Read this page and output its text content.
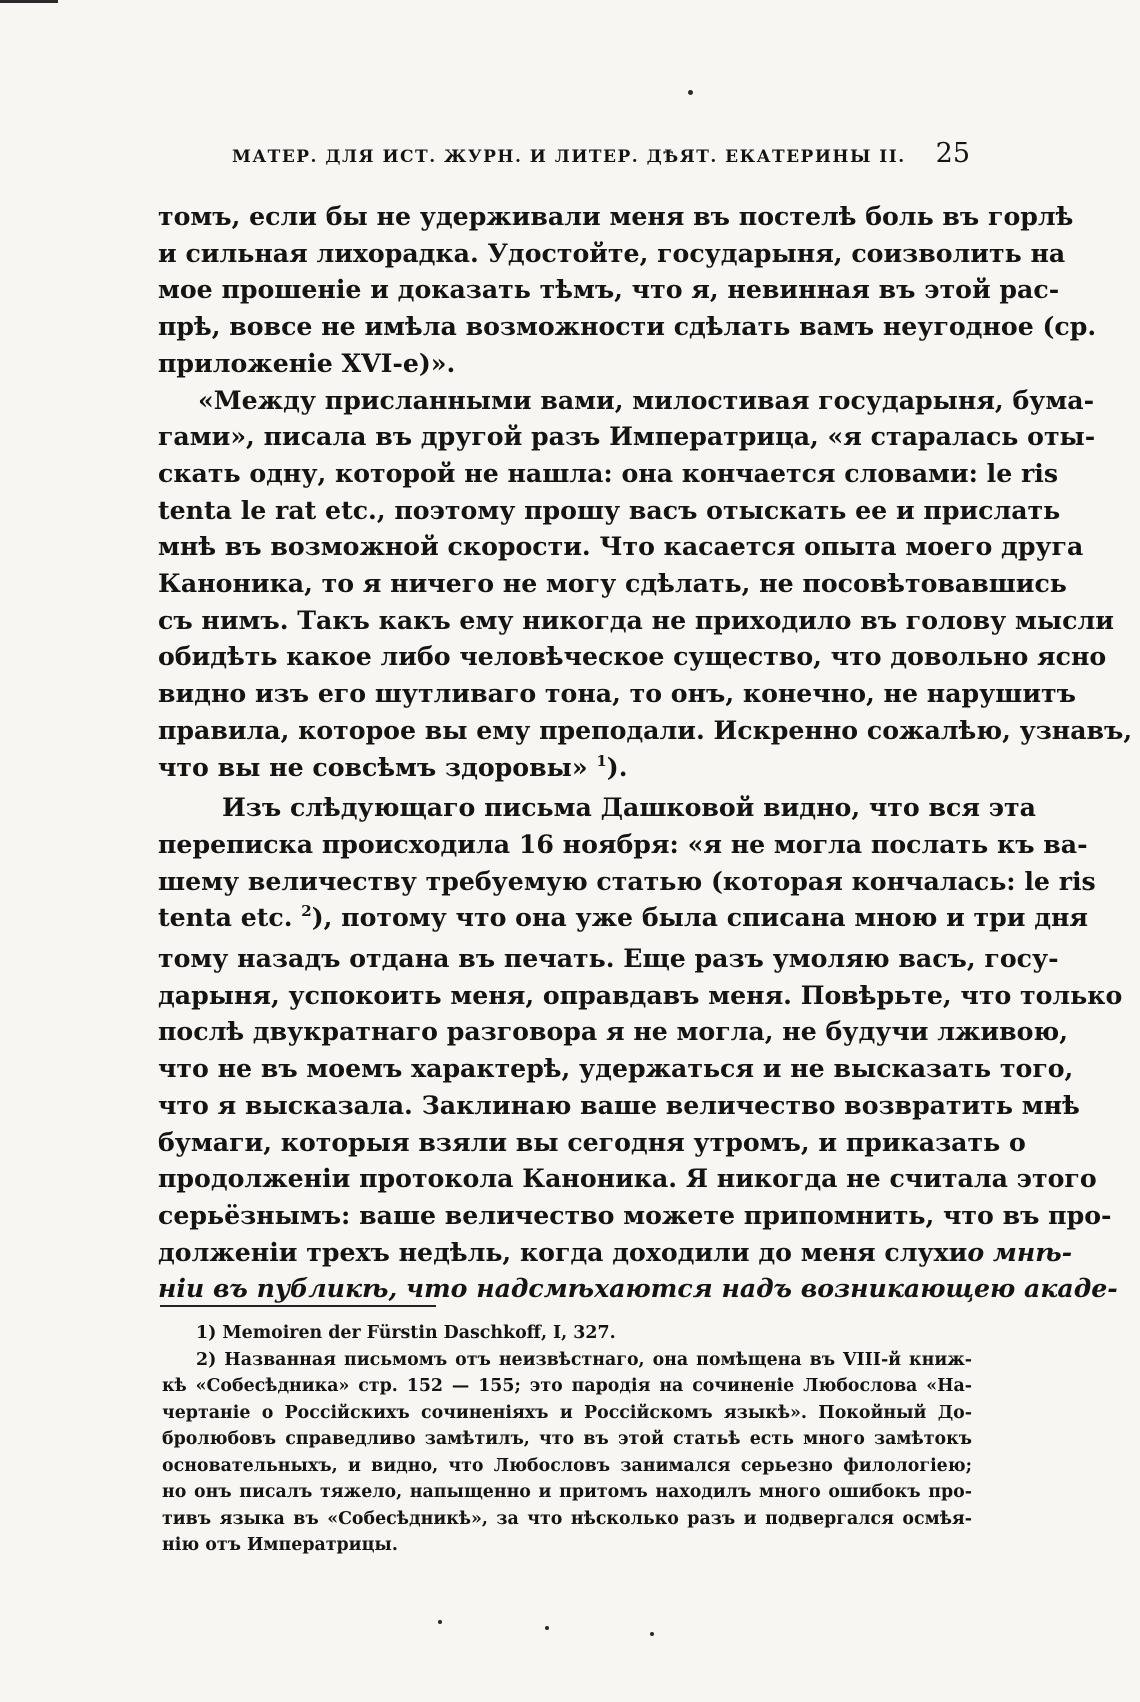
МАТЕР. ДЛЯ ИСТ. ЖУРН. И ЛИТЕР. ДѢЯТ. ЕКАТЕРИНЫ II. 25
томъ, если бы не удерживали меня въ постелѣ боль въ горлѣ
и сильная лихорадка. Удостойте, государыня, соизволить на
мое прошеніе и доказать тѣмъ, что я, невинная въ этой рас-
прѣ, вовсе не имѣла возможности сдѣлать вамъ неугодное (ср.
приложеніе XVI-е)».
«Между присланными вами, милостивая государыня, бума-
гами», писала въ другой разъ Императрица, «я старалась оты-
скать одну, которой не нашла: она кончается словами: le ris
tenta le rat etc., поэтому прошу васъ отыскать ее и прислать
мнѣ въ возможной скорости. Что касается опыта моего друга
Каноника, то я ничего не могу сдѣлать, не посовѣтовавшись
съ нимъ. Такъ какъ ему никогда не приходило въ голову мысли
обидѣть какое либо человѣческое существо, что довольно ясно
видно изъ его шутливаго тона, то онъ, конечно, не нарушитъ
правила, которое вы ему преподали. Искренно сожалѣю, узнавъ,
что вы не совсѣмъ здоровы» $^1$).
Изъ слѣдующаго письма Дашковой видно, что вся эта
переписка происходила 16 ноября: «я не могла послать къ ва-
шему величеству требуемую статью (которая кончалась: le ris
tenta etc. $^2$), потому что она уже была списана мною и три дня
тому назадъ отдана въ печать. Еще разъ умоляю васъ, госу-
дарыня, успокоить меня, оправдавъ меня. Повѣрьте, что только
послѣ двукратнаго разговора я не могла, не будучи лживою,
что не въ моемъ характерѣ, удержаться и не высказать того,
что я высказала. Заклинаю ваше величество возвратить мнѣ
бумаги, которыя взяли вы сегодня утромъ, и приказать о
продолженіи протокола Каноника. Я никогда не считала этого
серьёзнымъ: ваше величество можете припомнить, что въ про-
долженіи трехъ недѣль, когда доходили до меня слухи о мнѣ-
ніи въ публикѣ, что надсмѣхаются надъ возникающею акаде-
1) Memoiren der Fürstin Daschkoff, I, 327.
2) Названная письмомъ отъ неизвѣстнаго, она помѣщена въ VIII-й книж-
кѣ «Собесѣдника» стр. 152 — 155; это пародія на сочиненіе Любослова «На-
чертаніе о Россійскихъ сочиненіяхъ и Россійскомъ языкѣ». Покойный До-
бролюбовъ справедливо замѣтилъ, что въ этой статьѣ есть много замѣтокъ
основательныхъ, и видно, что Любословъ занимался серьезно филологіею;
но онъ писалъ тяжело, напыщенно и притомъ находилъ много ошибокъ про-
тивъ языка въ «Собесѣдникѣ», за что нѣсколько разъ и подвергался осмѣя-
нію отъ Императрицы.
